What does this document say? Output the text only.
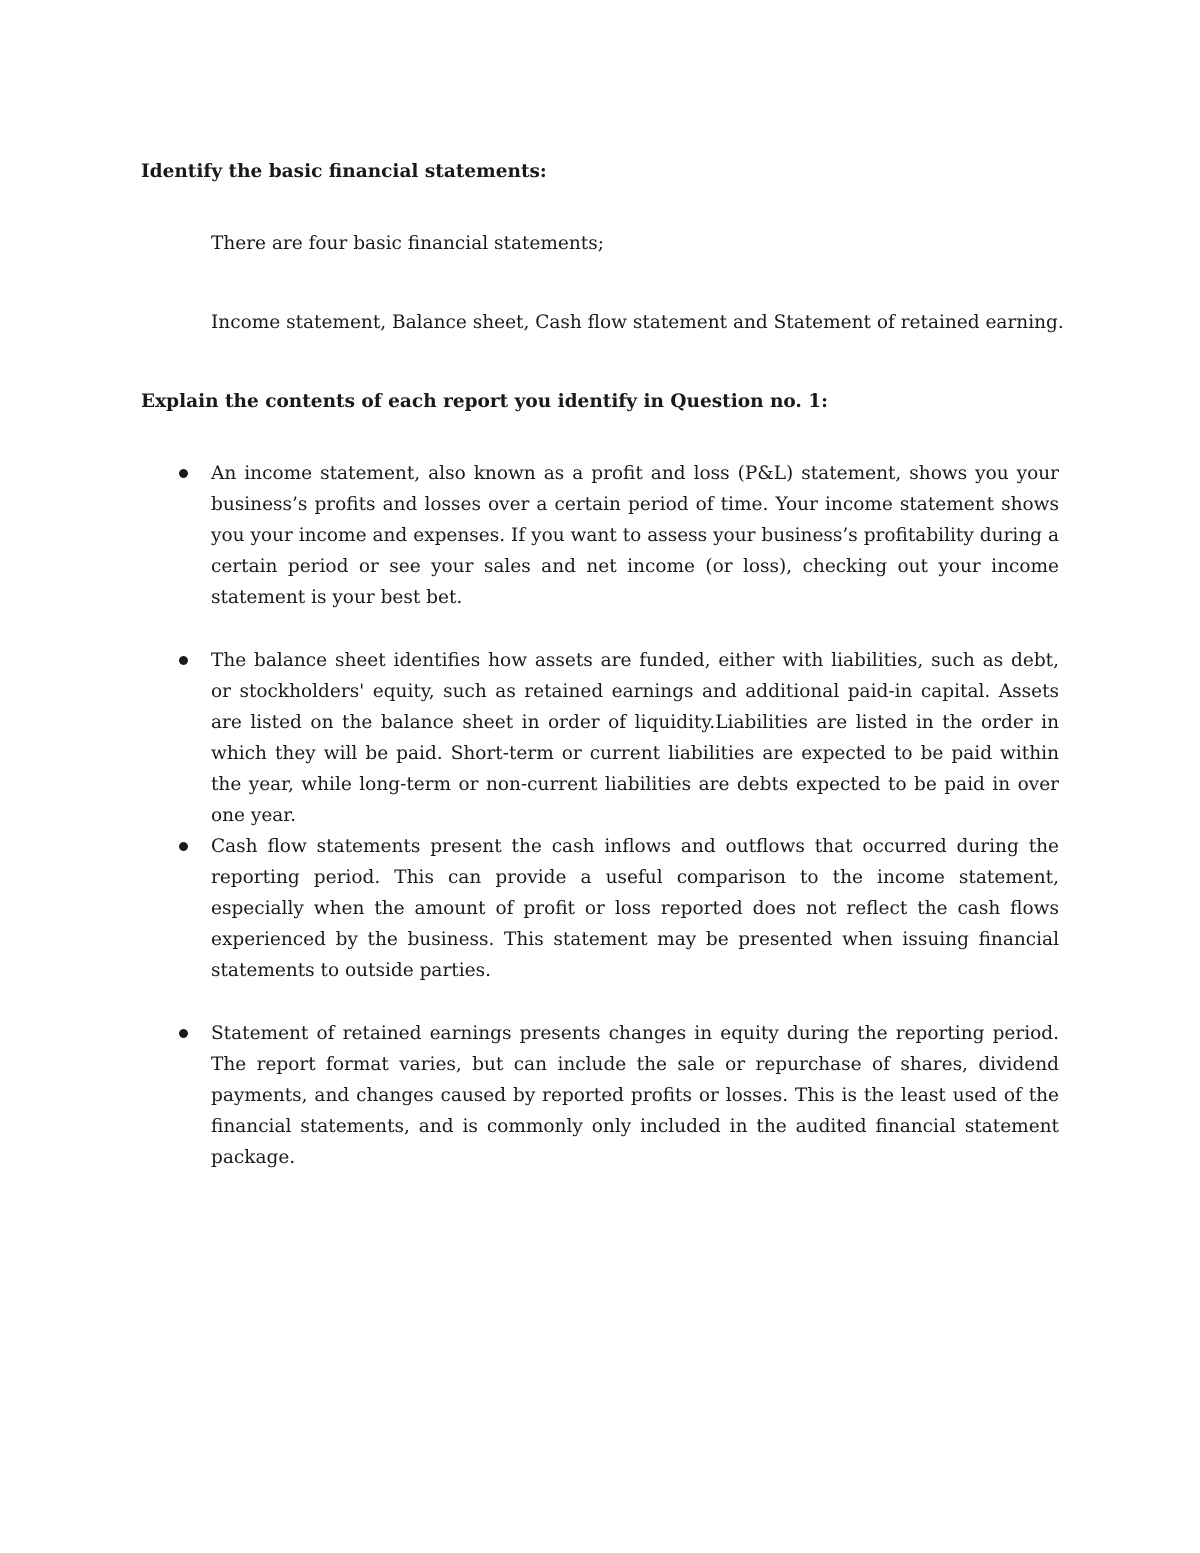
Identify the basic financial statements:

There are four basic financial statements;

Income statement, Balance sheet, Cash flow statement and Statement of retained earning.

Explain the contents of each report you identify in Question no. 1:

An income statement, also known as a profit and loss (P&L) statement, shows you your business’s profits and losses over a certain period of time. Your income statement shows you your income and expenses. If you want to assess your business’s profitability during a certain period or see your sales and net income (or loss), checking out your income statement is your best bet.

The balance sheet identifies how assets are funded, either with liabilities, such as debt, or stockholders' equity, such as retained earnings and additional paid-in capital. Assets are listed on the balance sheet in order of liquidity.Liabilities are listed in the order in which they will be paid. Short-term or current liabilities are expected to be paid within the year, while long-term or non-current liabilities are debts expected to be paid in over one year.

Cash flow statements present the cash inflows and outflows that occurred during the reporting period. This can provide a useful comparison to the income statement, especially when the amount of profit or loss reported does not reflect the cash flows experienced by the business. This statement may be presented when issuing financial statements to outside parties.

Statement of retained earnings presents changes in equity during the reporting period. The report format varies, but can include the sale or repurchase of shares, dividend payments, and changes caused by reported profits or losses. This is the least used of the financial statements, and is commonly only included in the audited financial statement package.
